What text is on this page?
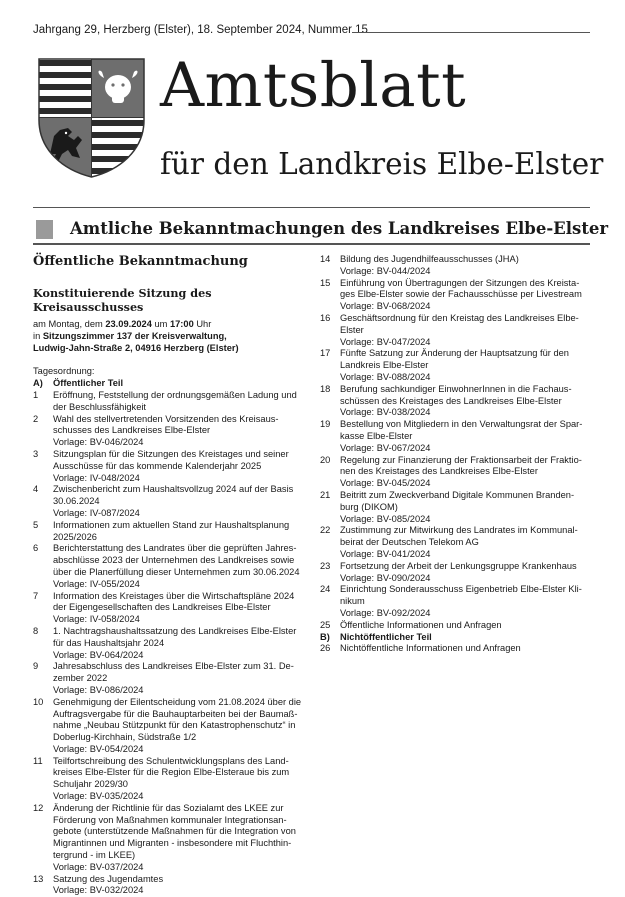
Jahrgang 29, Herzberg (Elster), 18. September 2024, Nummer 15
Amtsblatt
für den Landkreis Elbe-Elster
Amtliche Bekanntmachungen des Landkreises Elbe-Elster
Öffentliche Bekanntmachung
Konstituierende Sitzung des Kreisausschusses
am Montag, dem 23.09.2024 um 17:00 Uhr
in Sitzungszimmer 137 der Kreisverwaltung,
Ludwig-Jahn-Straße 2, 04916 Herzberg (Elster)
Tagesordnung:
A)	Öffentlicher Teil
1	Eröffnung, Feststellung der ordnungsgemäßen Ladung und
der Beschlussfähigkeit
2	Wahl des stellvertretenden Vorsitzenden des Kreisaus-
schusses des Landkreises Elbe-Elster
Vorlage: BV-046/2024
3	Sitzungsplan für die Sitzungen des Kreistages und seiner
Ausschüsse für das kommende Kalenderjahr 2025
Vorlage: IV-048/2024
4	Zwischenbericht zum Haushaltsvollzug 2024 auf der Basis
30.06.2024
Vorlage: IV-087/2024
5	Informationen zum aktuellen Stand zur Haushaltsplanung
2025/2026
6	Berichterstattung des Landrates über die geprüften Jahres-
abschlüsse 2023 der Unternehmen des Landkreises sowie
über die Planerfüllung dieser Unternehmen zum 30.06.2024
Vorlage: IV-055/2024
7	Information des Kreistages über die Wirtschaftspläne 2024
der Eigengesellschaften des Landkreises Elbe-Elster
Vorlage: IV-058/2024
8	1. Nachtragshaushaltssatzung des Landkreises Elbe-Elster
für das Haushaltsjahr 2024
Vorlage: BV-064/2024
9	Jahresabschluss des Landkreises Elbe-Elster zum 31. De-
zember 2022
Vorlage: BV-086/2024
10	Genehmigung der Eilentscheidung vom 21.08.2024 über die
Auftragsvergabe für die Bauhauptarbeiten bei der Baumaß-
nahme „Neubau Stützpunkt für den Katastrophenschutz“ in
Doberlug-Kirchhain, Südstraße 1/2
Vorlage: BV-054/2024
11	Teilfortschreibung des Schulentwicklungsplans des Land-
kreises Elbe-Elster für die Region Elbe-Elsteraue bis zum
Schuljahr 2029/30
Vorlage: BV-035/2024
12	Änderung der Richtlinie für das Sozialamt des LKEE zur
Förderung von Maßnahmen kommunaler Integrationsan-
gebote (unterstützende Maßnahmen für die Integration von
Migrantinnen und Migranten - insbesondere mit Fluchthin-
tergrund - im LKEE)
Vorlage: BV-037/2024
13	Satzung des Jugendamtes
Vorlage: BV-032/2024
14	Bildung des Jugendhilfeausschusses (JHA)
Vorlage: BV-044/2024
15	Einführung von Übertragungen der Sitzungen des Kreista-
ges Elbe-Elster sowie der Fachausschüsse per Livestream
Vorlage: BV-068/2024
16	Geschäftsordnung für den Kreistag des Landkreises Elbe-
Elster
Vorlage: BV-047/2024
17	Fünfte Satzung zur Änderung der Hauptsatzung für den
Landkreis Elbe-Elster
Vorlage: BV-088/2024
18	Berufung sachkundiger EinwohnerInnen in die Fachaus-
schüssen des Kreistages des Landkreises Elbe-Elster
Vorlage: BV-038/2024
19	Bestellung von Mitgliedern in den Verwaltungsrat der Spar-
kasse Elbe-Elster
Vorlage: BV-067/2024
20	Regelung zur Finanzierung der Fraktionsarbeit der Fraktio-
nen des Kreistages des Landkreises Elbe-Elster
Vorlage: BV-045/2024
21	Beitritt zum Zweckverband Digitale Kommunen Branden-
burg (DIKOM)
Vorlage: BV-085/2024
22	Zustimmung zur Mitwirkung des Landrates im Kommunal-
beirat der Deutschen Telekom AG
Vorlage: BV-041/2024
23	Fortsetzung der Arbeit der Lenkungsgruppe Krankenhaus
Vorlage: BV-090/2024
24	Einrichtung Sonderausschuss Eigenbetrieb Elbe-Elster Kli-
nikum
Vorlage: BV-092/2024
25	Öffentliche Informationen und Anfragen
B)	Nichtöffentlicher Teil
26	Nichtöffentliche Informationen und Anfragen
